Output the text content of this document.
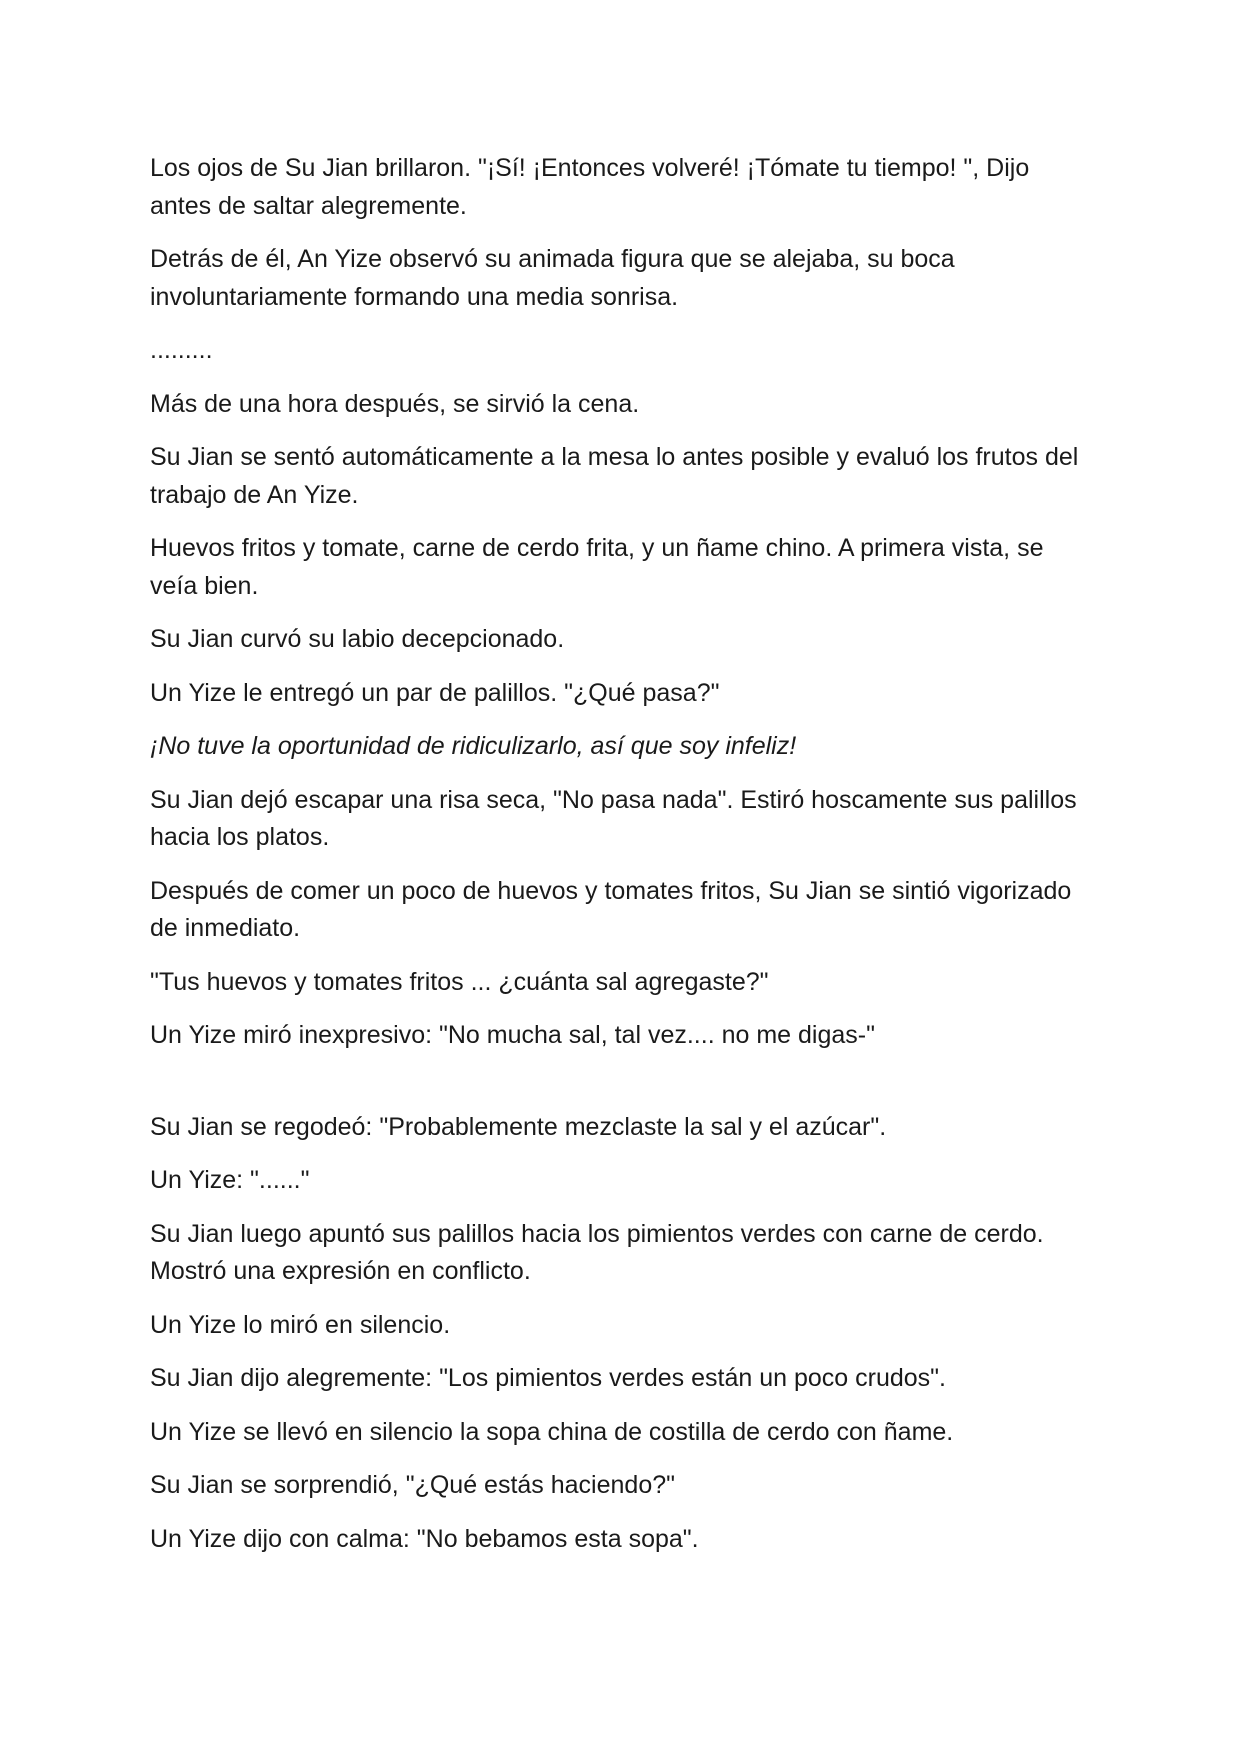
Los ojos de Su Jian brillaron. "¡Sí! ¡Entonces volveré! ¡Tómate tu tiempo! ", Dijo antes de saltar alegremente.

Detrás de él, An Yize observó su animada figura que se alejaba, su boca involuntariamente formando una media sonrisa.

.........

Más de una hora después, se sirvió la cena.

Su Jian se sentó automáticamente a la mesa lo antes posible y evaluó los frutos del trabajo de An Yize.

Huevos fritos y tomate, carne de cerdo frita, y un ñame chino. A primera vista, se veía bien.

Su Jian curvó su labio decepcionado.

Un Yize le entregó un par de palillos. "¿Qué pasa?"

¡No tuve la oportunidad de ridiculizarlo, así que soy infeliz!

Su Jian dejó escapar una risa seca, "No pasa nada". Estiró hoscamente sus palillos hacia los platos.

Después de comer un poco de huevos y tomates fritos, Su Jian se sintió vigorizado de inmediato.

"Tus huevos y tomates fritos ... ¿cuánta sal agregaste?"

Un Yize miró inexpresivo: "No mucha sal, tal vez.... no me digas-"

Su Jian se regodeó: "Probablemente mezclaste la sal y el azúcar".

Un Yize: "......"

Su Jian luego apuntó sus palillos hacia los pimientos verdes con carne de cerdo. Mostró una expresión en conflicto.

Un Yize lo miró en silencio.

Su Jian dijo alegremente: "Los pimientos verdes están un poco crudos".

Un Yize se llevó en silencio la sopa china de costilla de cerdo con ñame.

Su Jian se sorprendió, "¿Qué estás haciendo?"

Un Yize dijo con calma: "No bebamos esta sopa".
